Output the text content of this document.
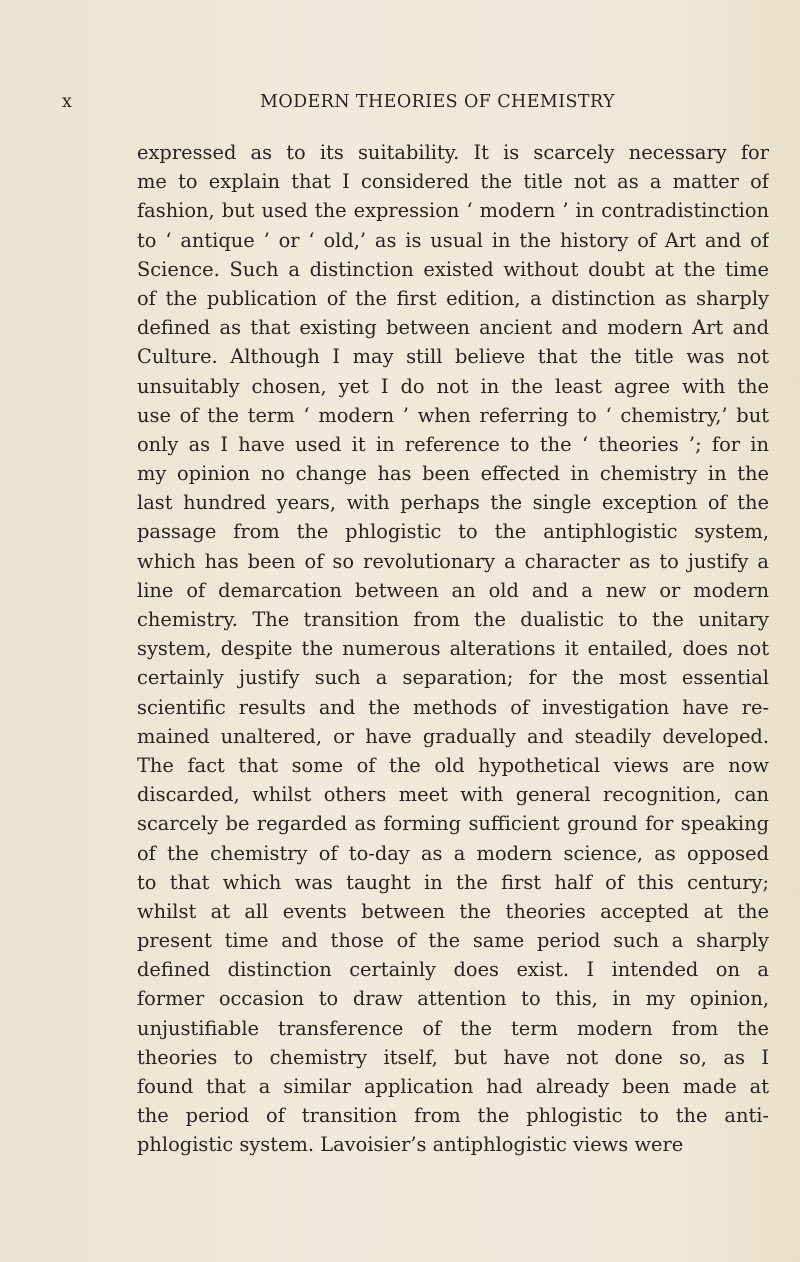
x	MODERN THEORIES OF CHEMISTRY
expressed as to its suitability. It is scarcely necessary for
me to explain that I considered the title not as a matter of
fashion, but used the expression ‘ modern ’ in contradistinction
to ‘ antique ’ or ‘ old,’ as is usual in the history of Art and of
Science. Such a distinction existed without doubt at the time
of the publication of the first edition, a distinction as sharply
defined as that existing between ancient and modern Art and
Culture. Although I may still believe that the title was not
unsuitably chosen, yet I do not in the least agree with the
use of the term ‘ modern ’ when referring to ‘ chemistry,’ but
only as I have used it in reference to the ‘ theories ’; for in
my opinion no change has been effected in chemistry in the
last hundred years, with perhaps the single exception of the
passage from the phlogistic to the antiphlogistic system,
which has been of so revolutionary a character as to justify a
line of demarcation between an old and a new or modern
chemistry. The transition from the dualistic to the unitary
system, despite the numerous alterations it entailed, does not
certainly justify such a separation; for the most essential
scientific results and the methods of investigation have re-
mained unaltered, or have gradually and steadily developed.
The fact that some of the old hypothetical views are now
discarded, whilst others meet with general recognition, can
scarcely be regarded as forming sufficient ground for speaking
of the chemistry of to-day as a modern science, as opposed
to that which was taught in the first half of this century;
whilst at all events between the theories accepted at the
present time and those of the same period such a sharply
defined distinction certainly does exist. I intended on a
former occasion to draw attention to this, in my opinion,
unjustifiable transference of the term modern from the
theories to chemistry itself, but have not done so, as I
found that a similar application had already been made at
the period of transition from the phlogistic to the anti-
phlogistic system. Lavoisier’s antiphlogistic views were
